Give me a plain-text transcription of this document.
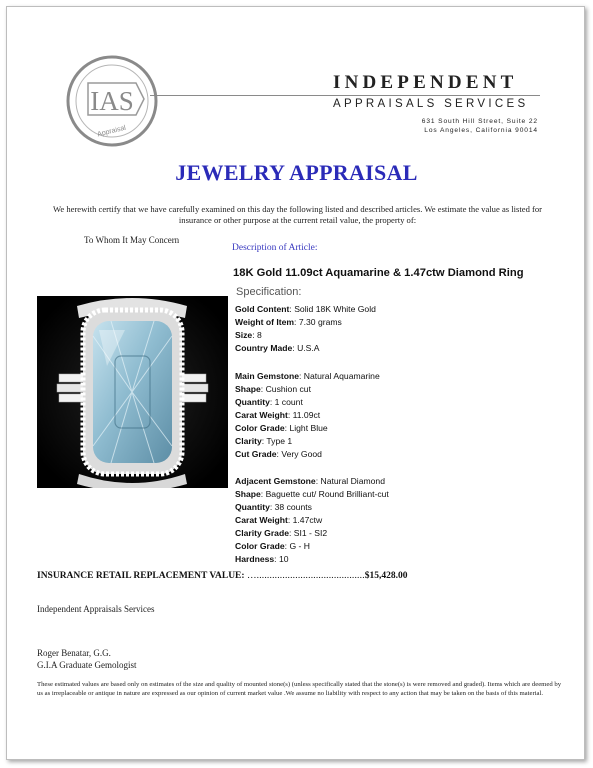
IAS
Appraisal
INDEPENDENT
APPRAISALS SERVICES
631 South Hill Street, Suite 22
Los Angeles, California 90014
JEWELRY APPRAISAL
We herewith certify that we have carefully examined on this day the following listed and described articles. We estimate the value as listed for
insurance or other purpose at the current retail value, the property of:
To Whom It May Concern
Description of Article:
18K Gold 11.09ct Aquamarine & 1.47ctw Diamond Ring
Specification:
Gold Content: Solid 18K White Gold
Weight of Item: 7.30 grams
Size: 8
Country Made: U.S.A
Main Gemstone: Natural Aquamarine
Shape: Cushion cut
Quantity: 1 count
Carat Weight: 11.09ct
Color Grade: Light Blue
Clarity: Type 1
Cut Grade: Very Good
Adjacent Gemstone: Natural Diamond
Shape: Baguette cut/ Round Brilliant-cut
Quantity: 38 counts
Carat Weight: 1.47ctw
Clarity Grade: SI1 - SI2
Color Grade: G - H
Hardness: 10
INSURANCE RETAIL REPLACEMENT VALUE: …..........................................$15,428.00
Independent Appraisals Services
Roger Benatar, G.G.
G.I.A Graduate Gemologist
These estimated values are based only on estimates of the size and quality of mounted stone(s) (unless specifically stated that the stone(s) is were removed and graded). Items which are deemed by us as irreplaceable or antique in nature are expressed as our opinion of current market value .We assume no liability with respect to any action that may be taken on the basis of this material.
